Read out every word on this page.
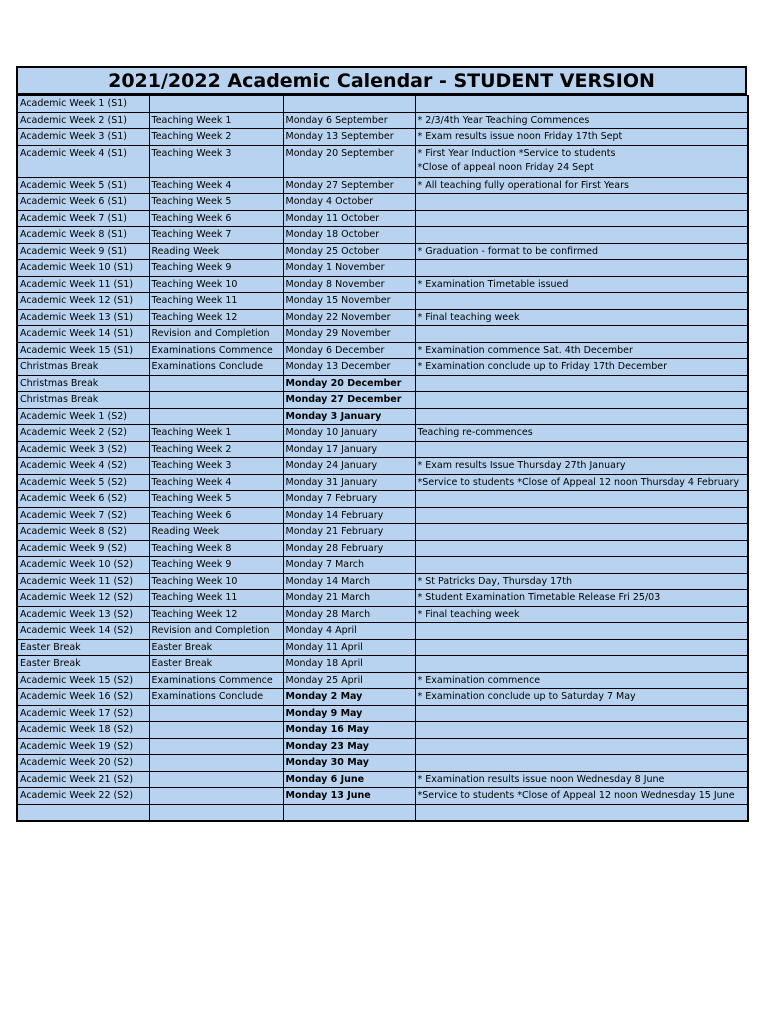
2021/2022 Academic Calendar - STUDENT VERSION
Academic Week 1 (S1)			
Academic Week 2 (S1)	Teaching Week 1	Monday 6 September	* 2/3/4th Year Teaching Commences
Academic Week 3 (S1)	Teaching Week 2	Monday 13 September	* Exam results issue noon Friday 17th Sept
Academic Week 4 (S1)	Teaching Week 3	Monday 20 September	* First Year Induction *Service to students
*Close of appeal noon Friday 24 Sept
Academic Week 5 (S1)	Teaching Week 4	Monday 27 September	* All teaching fully operational for First Years
Academic Week 6 (S1)	Teaching Week 5	Monday 4 October	
Academic Week 7 (S1)	Teaching Week 6	Monday 11 October	
Academic Week 8 (S1)	Teaching Week 7	Monday 18 October	
Academic Week 9 (S1)	Reading Week	Monday 25 October	* Graduation - format to be confirmed
Academic Week 10 (S1)	Teaching Week 9	Monday 1 November	
Academic Week 11 (S1)	Teaching Week 10	Monday 8 November	* Examination Timetable issued
Academic Week 12 (S1)	Teaching Week 11	Monday 15 November	
Academic Week 13 (S1)	Teaching Week 12	Monday 22 November	* Final teaching week
Academic Week 14 (S1)	Revision and Completion	Monday 29 November	
Academic Week 15 (S1)	Examinations Commence	Monday 6 December	* Examination commence Sat. 4th December
Christmas Break	Examinations Conclude	Monday 13 December	* Examination conclude up to Friday 17th December
Christmas Break		Monday 20 December	
Christmas Break		Monday 27 December	
Academic Week 1 (S2)		Monday 3 January	
Academic Week 2 (S2)	Teaching Week 1	Monday 10 January	Teaching re-commences
Academic Week 3 (S2)	Teaching Week 2	Monday 17 January	
Academic Week 4 (S2)	Teaching Week 3	Monday 24 January	* Exam results Issue Thursday 27th January
Academic Week 5 (S2)	Teaching Week 4	Monday 31 January	*Service to students *Close of Appeal 12 noon Thursday 4 February
Academic Week 6 (S2)	Teaching Week 5	Monday 7 February	
Academic Week 7 (S2)	Teaching Week 6	Monday 14 February	
Academic Week 8 (S2)	Reading Week	Monday 21 February	
Academic Week 9 (S2)	Teaching Week 8	Monday 28 February	
Academic Week 10 (S2)	Teaching Week 9	Monday 7 March	
Academic Week 11 (S2)	Teaching Week 10	Monday 14 March	* St Patricks Day, Thursday 17th
Academic Week 12 (S2)	Teaching Week 11	Monday 21 March	* Student Examination Timetable Release Fri 25/03
Academic Week 13 (S2)	Teaching Week 12	Monday 28 March	* Final teaching week
Academic Week 14 (S2)	Revision and Completion	Monday 4 April	
Easter Break	Easter Break	Monday 11 April	
Easter Break	Easter Break	Monday 18 April	
Academic Week 15 (S2)	Examinations Commence	Monday 25 April	* Examination commence
Academic Week 16 (S2)	Examinations Conclude	Monday 2 May	* Examination conclude up to Saturday 7 May
Academic Week 17 (S2)		Monday 9 May	
Academic Week 18 (S2)		Monday 16 May	
Academic Week 19 (S2)		Monday 23 May	
Academic Week 20 (S2)		Monday 30 May	
Academic Week 21 (S2)		Monday 6 June	* Examination results issue noon Wednesday 8 June
Academic Week 22 (S2)		Monday 13 June	*Service to students *Close of Appeal 12 noon Wednesday 15 June
